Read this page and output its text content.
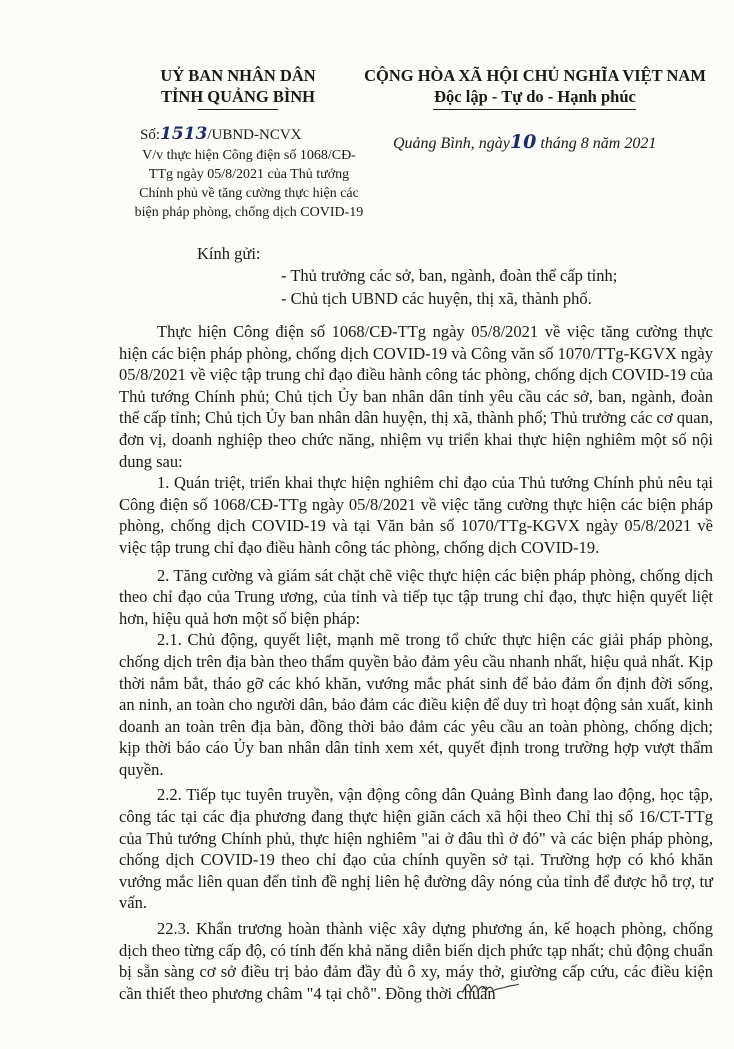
UỶ BAN NHÂN DÂN
TỈNH QUẢNG BÌNH
CỘNG HÒA XÃ HỘI CHỦ NGHĨA VIỆT NAM
Độc lập - Tự do - Hạnh phúc
Số:1513/UBND-NCVX
V/v thực hiện Công điện số 1068/CĐ-
TTg ngày 05/8/2021 của Thủ tướng
Chính phủ về tăng cường thực hiện các
biện pháp phòng, chống dịch COVID-19
Quảng Bình, ngày10 tháng 8 năm 2021
Kính gửi:
- Thủ trưởng các sở, ban, ngành, đoàn thể cấp tỉnh;
- Chủ tịch UBND các huyện, thị xã, thành phố.

Thực hiện Công điện số 1068/CĐ-TTg ngày 05/8/2021 về việc tăng cường thực hiện các biện pháp phòng, chống dịch COVID-19 và Công văn số 1070/TTg-KGVX ngày 05/8/2021 về việc tập trung chỉ đạo điều hành công tác phòng, chống dịch COVID-19 của Thủ tướng Chính phủ; Chủ tịch Ủy ban nhân dân tỉnh yêu cầu các sở, ban, ngành, đoàn thể cấp tỉnh; Chủ tịch Ủy ban nhân dân huyện, thị xã, thành phố; Thủ trưởng các cơ quan, đơn vị, doanh nghiệp theo chức năng, nhiệm vụ triển khai thực hiện nghiêm một số nội dung sau:

1. Quán triệt, triển khai thực hiện nghiêm chỉ đạo của Thủ tướng Chính phủ nêu tại Công điện số 1068/CĐ-TTg ngày 05/8/2021 về việc tăng cường thực hiện các biện pháp phòng, chống dịch COVID-19 và tại Văn bản số 1070/TTg-KGVX ngày 05/8/2021 về việc tập trung chỉ đạo điều hành công tác phòng, chống dịch COVID-19.

2. Tăng cường và giám sát chặt chẽ việc thực hiện các biện pháp phòng, chống dịch theo chỉ đạo của Trung ương, của tỉnh và tiếp tục tập trung chỉ đạo, thực hiện quyết liệt hơn, hiệu quả hơn một số biện pháp:

2.1. Chủ động, quyết liệt, mạnh mẽ trong tổ chức thực hiện các giải pháp phòng, chống dịch trên địa bàn theo thẩm quyền bảo đảm yêu cầu nhanh nhất, hiệu quả nhất. Kịp thời nắm bắt, tháo gỡ các khó khăn, vướng mắc phát sinh để bảo đảm ổn định đời sống, an ninh, an toàn cho người dân, bảo đảm các điều kiện để duy trì hoạt động sản xuất, kinh doanh an toàn trên địa bàn, đồng thời bảo đảm các yêu cầu an toàn phòng, chống dịch; kịp thời báo cáo Ủy ban nhân dân tỉnh xem xét, quyết định trong trường hợp vượt thẩm quyền.

2.2. Tiếp tục tuyên truyền, vận động công dân Quảng Bình đang lao động, học tập, công tác tại các địa phương đang thực hiện giãn cách xã hội theo Chỉ thị số 16/CT-TTg của Thủ tướng Chính phủ, thực hiện nghiêm "ai ở đâu thì ở đó" và các biện pháp phòng, chống dịch COVID-19 theo chỉ đạo của chính quyền sở tại. Trường hợp có khó khăn vướng mắc liên quan đến tỉnh đề nghị liên hệ đường dây nóng của tỉnh để được hỗ trợ, tư vấn.

22.3. Khẩn trương hoàn thành việc xây dựng phương án, kế hoạch phòng, chống dịch theo từng cấp độ, có tính đến khả năng diễn biến dịch phức tạp nhất; chủ động chuẩn bị sẵn sàng cơ sở điều trị bảo đảm đầy đủ ô xy, máy thở, giường cấp cứu, các điều kiện cần thiết theo phương châm "4 tại chỗ". Đồng thời chuẩn
